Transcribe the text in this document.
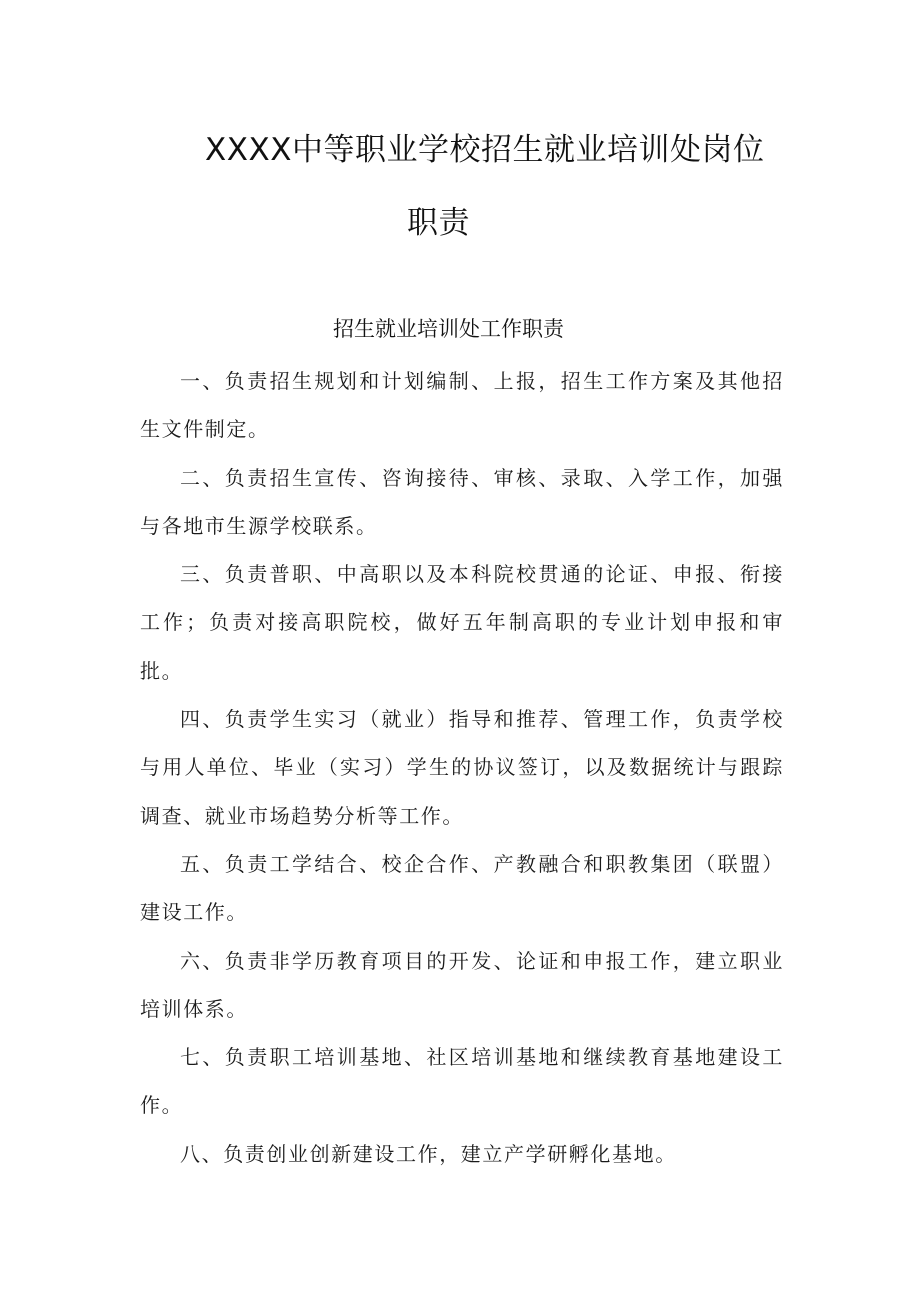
XXXX中等职业学校招生就业培训处岗位
职责
招生就业培训处工作职责

一、负责招生规划和计划编制、上报，招生工作方案及其他招生文件制定。

二、负责招生宣传、咨询接待、审核、录取、入学工作，加强与各地市生源学校联系。

三、负责普职、中高职以及本科院校贯通的论证、申报、衔接工作；负责对接高职院校，做好五年制高职的专业计划申报和审批。

四、负责学生实习（就业）指导和推荐、管理工作，负责学校与用人单位、毕业（实习）学生的协议签订，以及数据统计与跟踪调查、就业市场趋势分析等工作。

五、负责工学结合、校企合作、产教融合和职教集团（联盟）建设工作。

六、负责非学历教育项目的开发、论证和申报工作，建立职业培训体系。

七、负责职工培训基地、社区培训基地和继续教育基地建设工作。

八、负责创业创新建设工作，建立产学研孵化基地。
